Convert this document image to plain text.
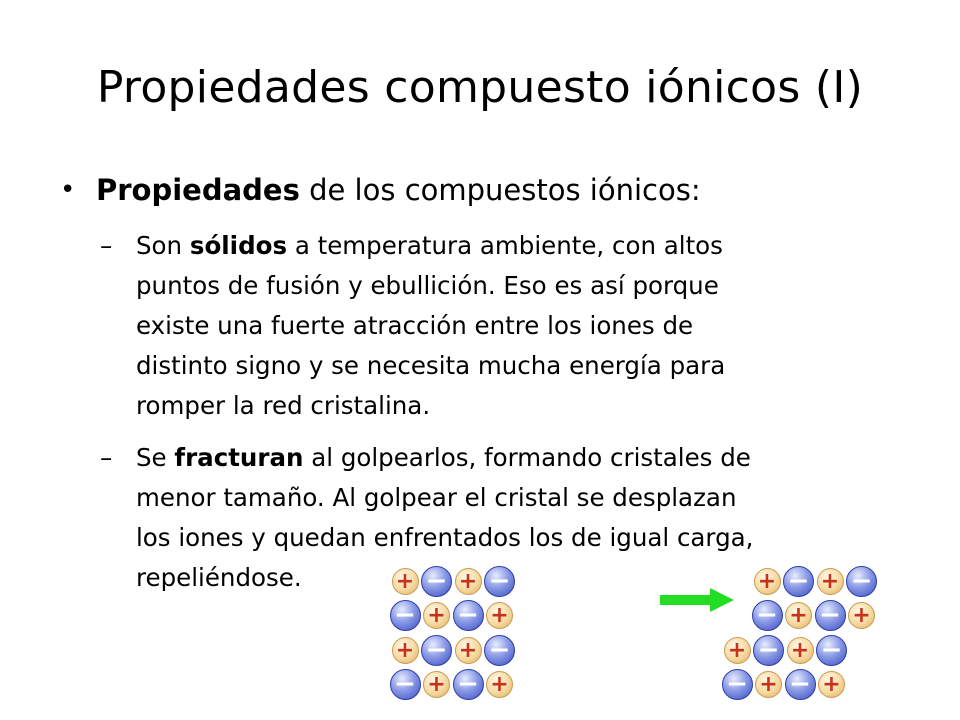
Propiedades compuesto iónicos (I)
• Propiedades de los compuestos iónicos:
– Son sólidos a temperatura ambiente, con altos
puntos de fusión y ebullición. Eso es así porque
existe una fuerte atracción entre los iones de
distinto signo y se necesita mucha energía para
romper la red cristalina.
– Se fracturan al golpearlos, formando cristales de
menor tamaño. Al golpear el cristal se desplazan
los iones y quedan enfrentados los de igual carga,
repeliéndose.	+ − + −
− + − +
+ − + −
− + − +
+ − + −
− + − +
+ − + −
− + − +
